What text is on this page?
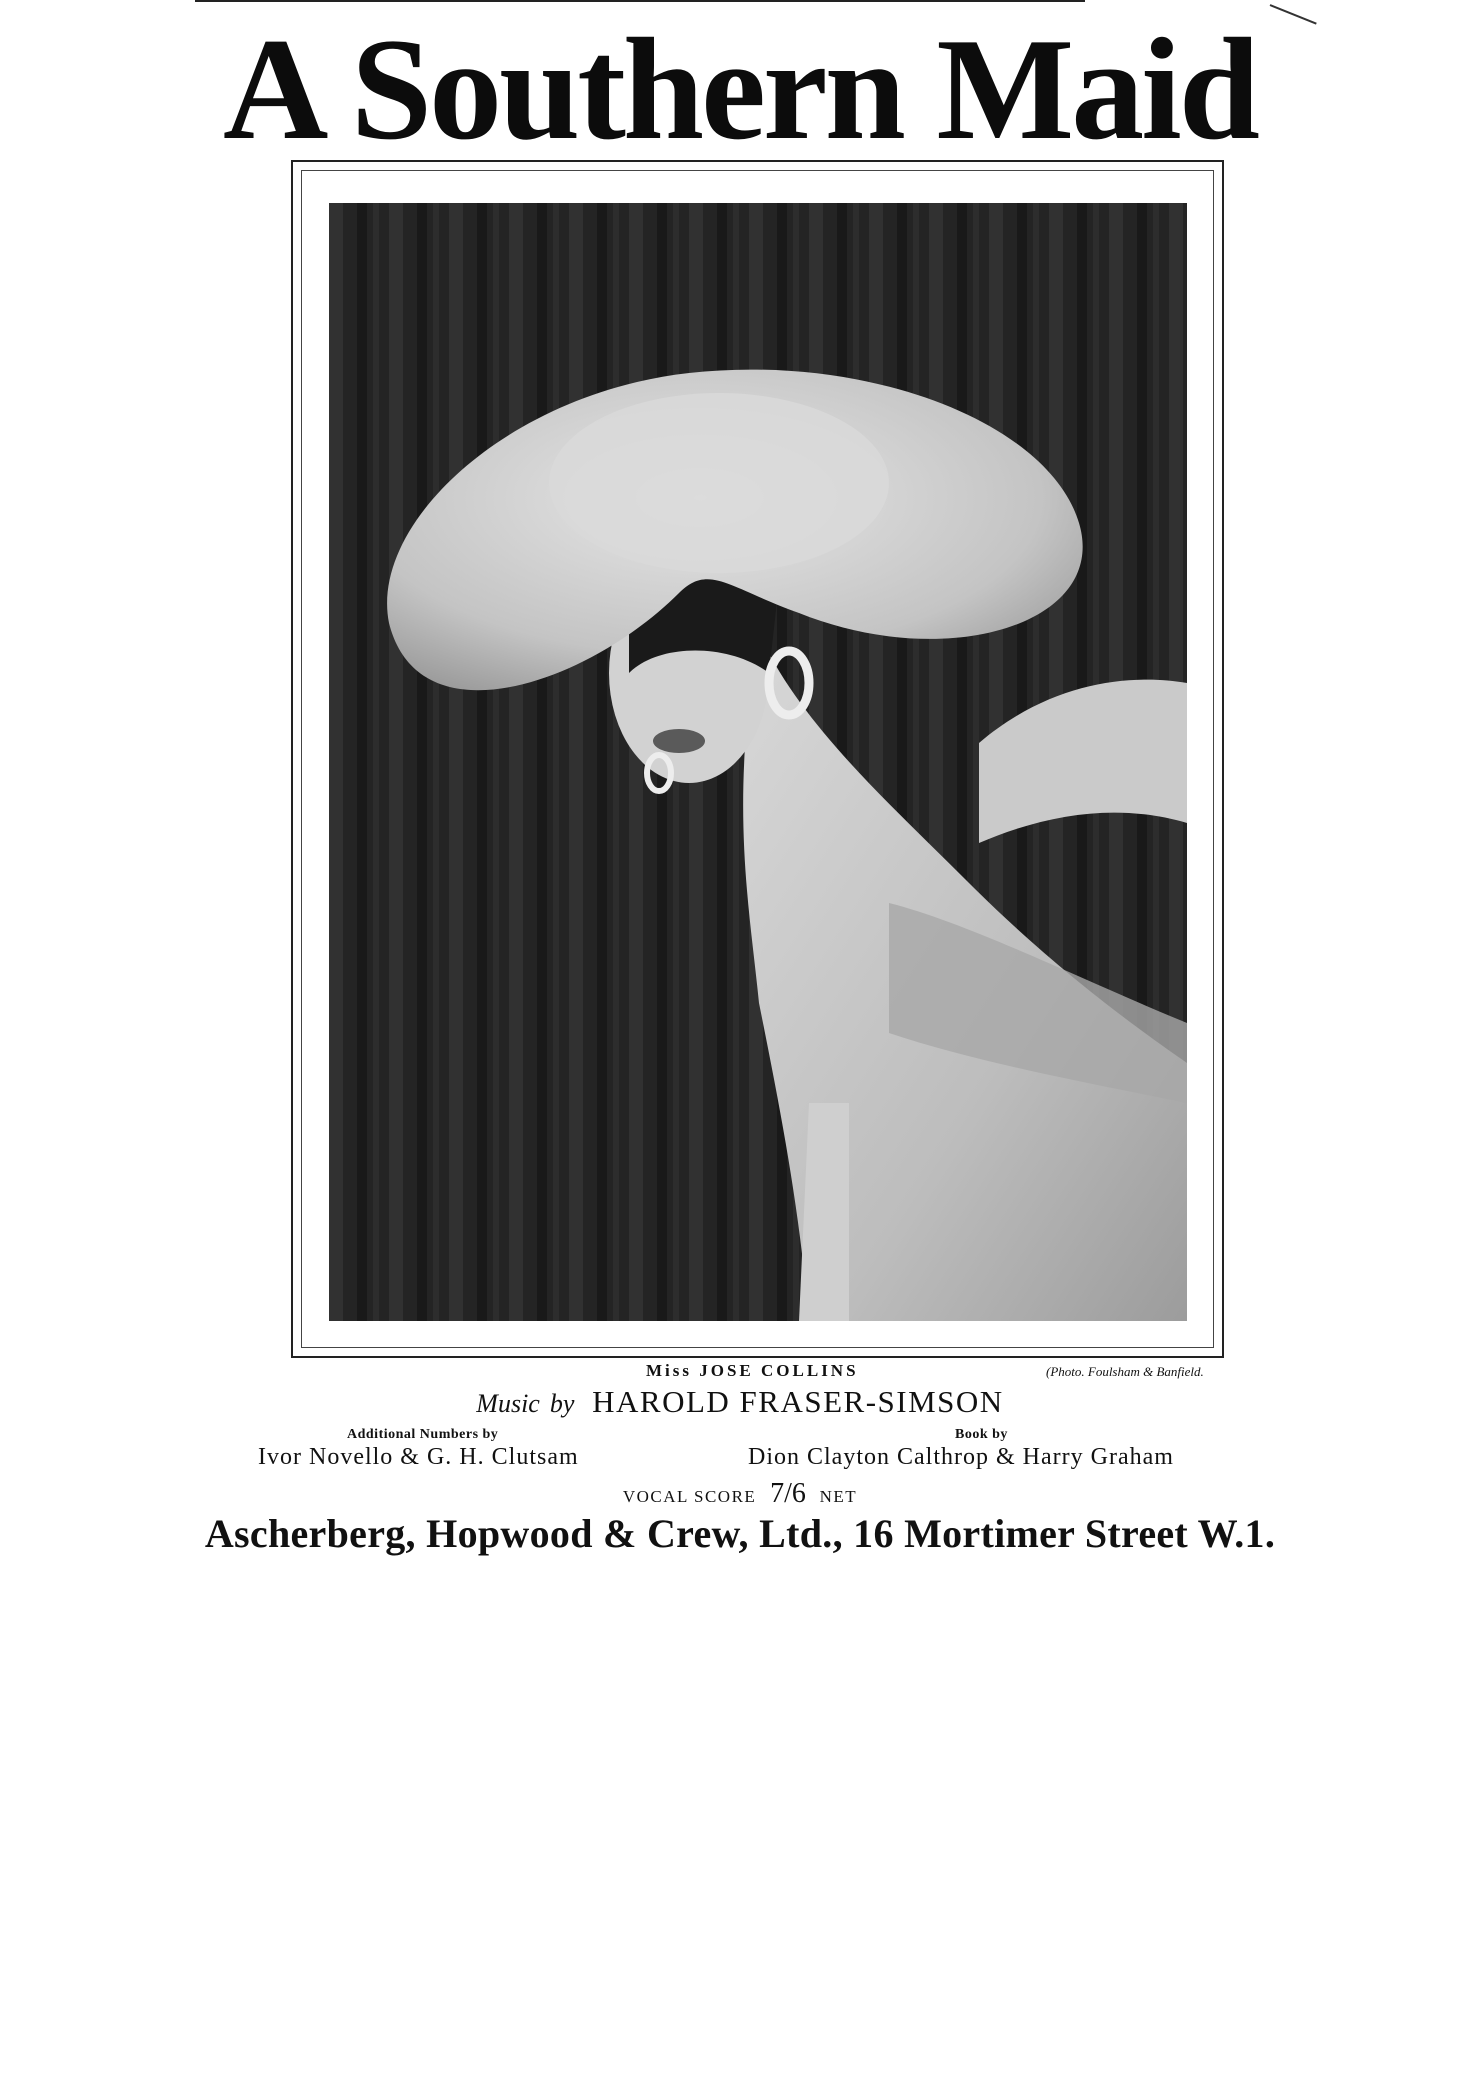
A Southern Maid
Miss JOSE COLLINS	(Photo. Foulsham & Banfield.
Music by HAROLD FRASER-SIMSON
Additional Numbers by	Book by
Ivor Novello & G. H. Clutsam	Dion Clayton Calthrop & Harry Graham
VOCAL SCORE 7/6 NET
Ascherberg, Hopwood & Crew, Ltd., 16 Mortimer Street W.1.
